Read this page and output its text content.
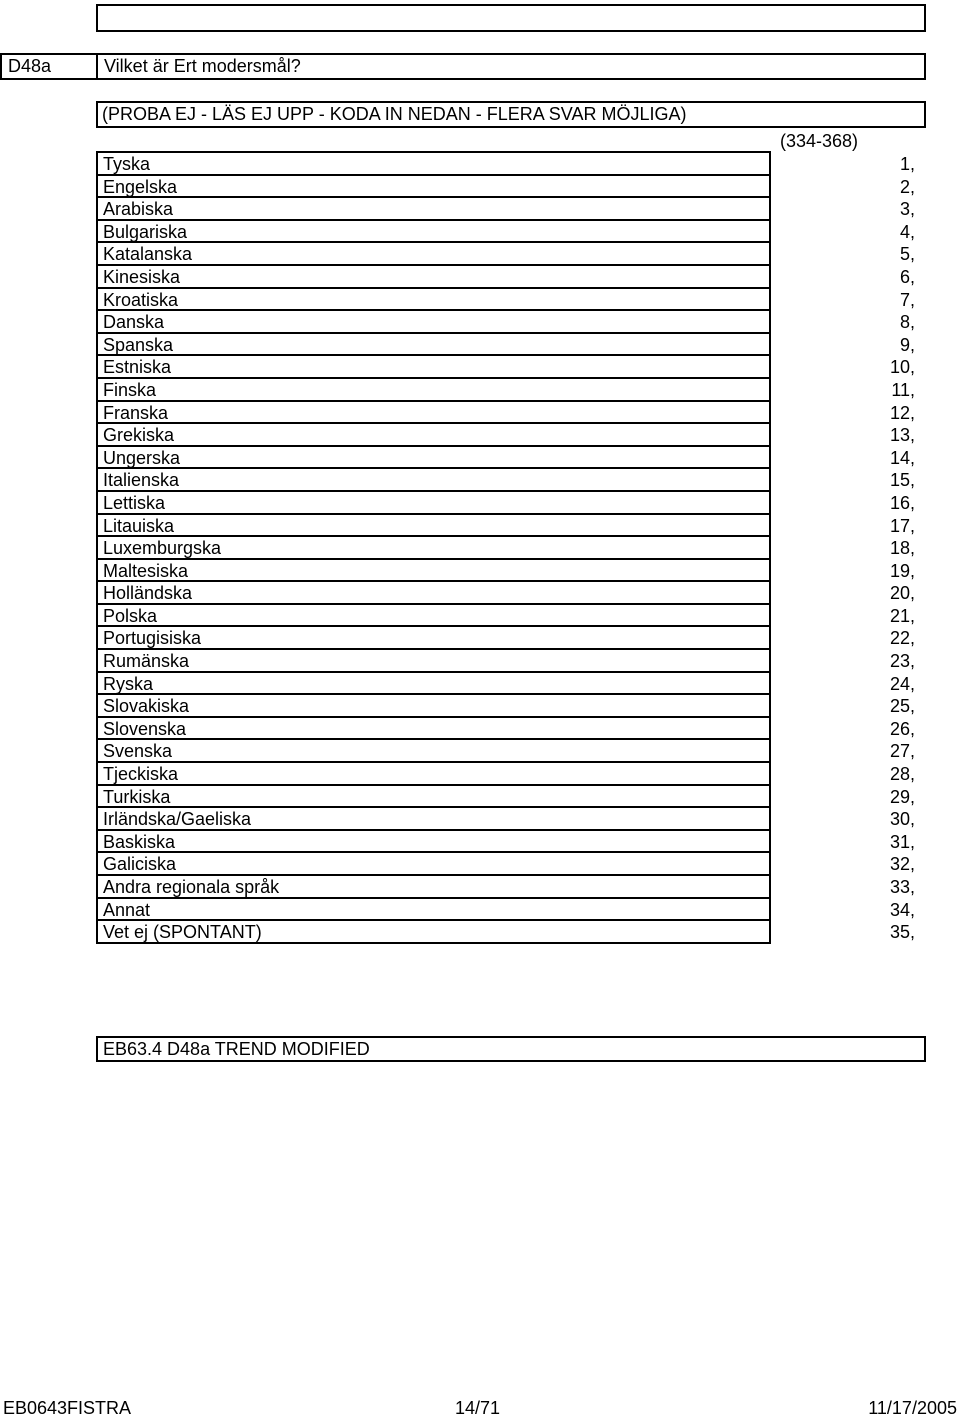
D48a	Vilket är Ert modersmål?
(PROBA EJ - LÄS EJ UPP - KODA IN NEDAN - FLERA SVAR MÖJLIGA)
(334-368)
Tyska	1,
Engelska	2,
Arabiska	3,
Bulgariska	4,
Katalanska	5,
Kinesiska	6,
Kroatiska	7,
Danska	8,
Spanska	9,
Estniska	10,
Finska	11,
Franska	12,
Grekiska	13,
Ungerska	14,
Italienska	15,
Lettiska	16,
Litauiska	17,
Luxemburgska	18,
Maltesiska	19,
Holländska	20,
Polska	21,
Portugisiska	22,
Rumänska	23,
Ryska	24,
Slovakiska	25,
Slovenska	26,
Svenska	27,
Tjeckiska	28,
Turkiska	29,
Irländska/Gaeliska	30,
Baskiska	31,
Galiciska	32,
Andra regionala språk	33,
Annat	34,
Vet ej (SPONTANT)	35,
EB63.4 D48a TREND MODIFIED
EB0643FISTRA	14/71	11/17/2005
